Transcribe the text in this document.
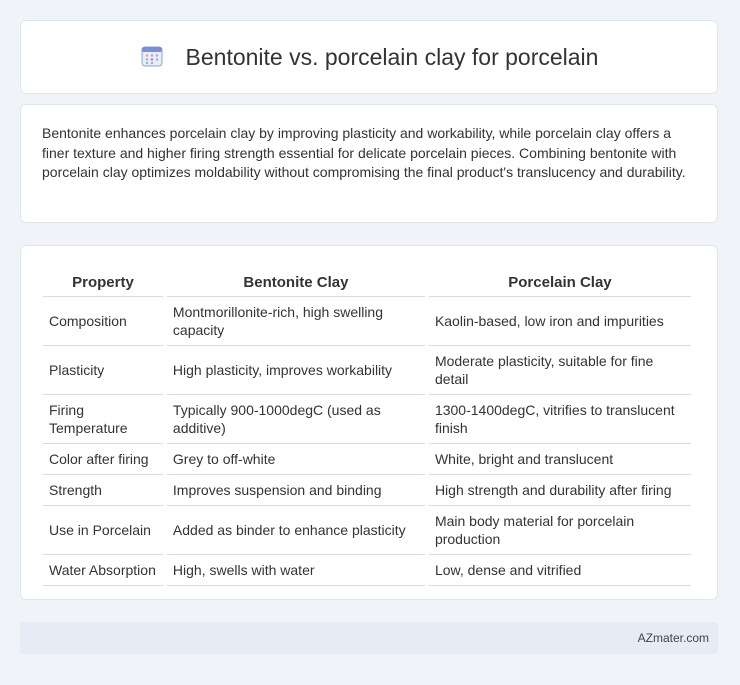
Bentonite vs. porcelain clay for porcelain

Bentonite enhances porcelain clay by improving plasticity and workability, while porcelain clay offers a finer texture and higher firing strength essential for delicate porcelain pieces. Combining bentonite with porcelain clay optimizes moldability without compromising the final product's translucency and durability.

Property	Bentonite Clay	Porcelain Clay
Composition	Montmorillonite-rich, high swelling capacity	Kaolin-based, low iron and impurities
Plasticity	High plasticity, improves workability	Moderate plasticity, suitable for fine detail
Firing Temperature	Typically 900-1000degC (used as additive)	1300-1400degC, vitrifies to translucent finish
Color after firing	Grey to off-white	White, bright and translucent
Strength	Improves suspension and binding	High strength and durability after firing
Use in Porcelain	Added as binder to enhance plasticity	Main body material for porcelain production
Water Absorption	High, swells with water	Low, dense and vitrified
AZmater.com
